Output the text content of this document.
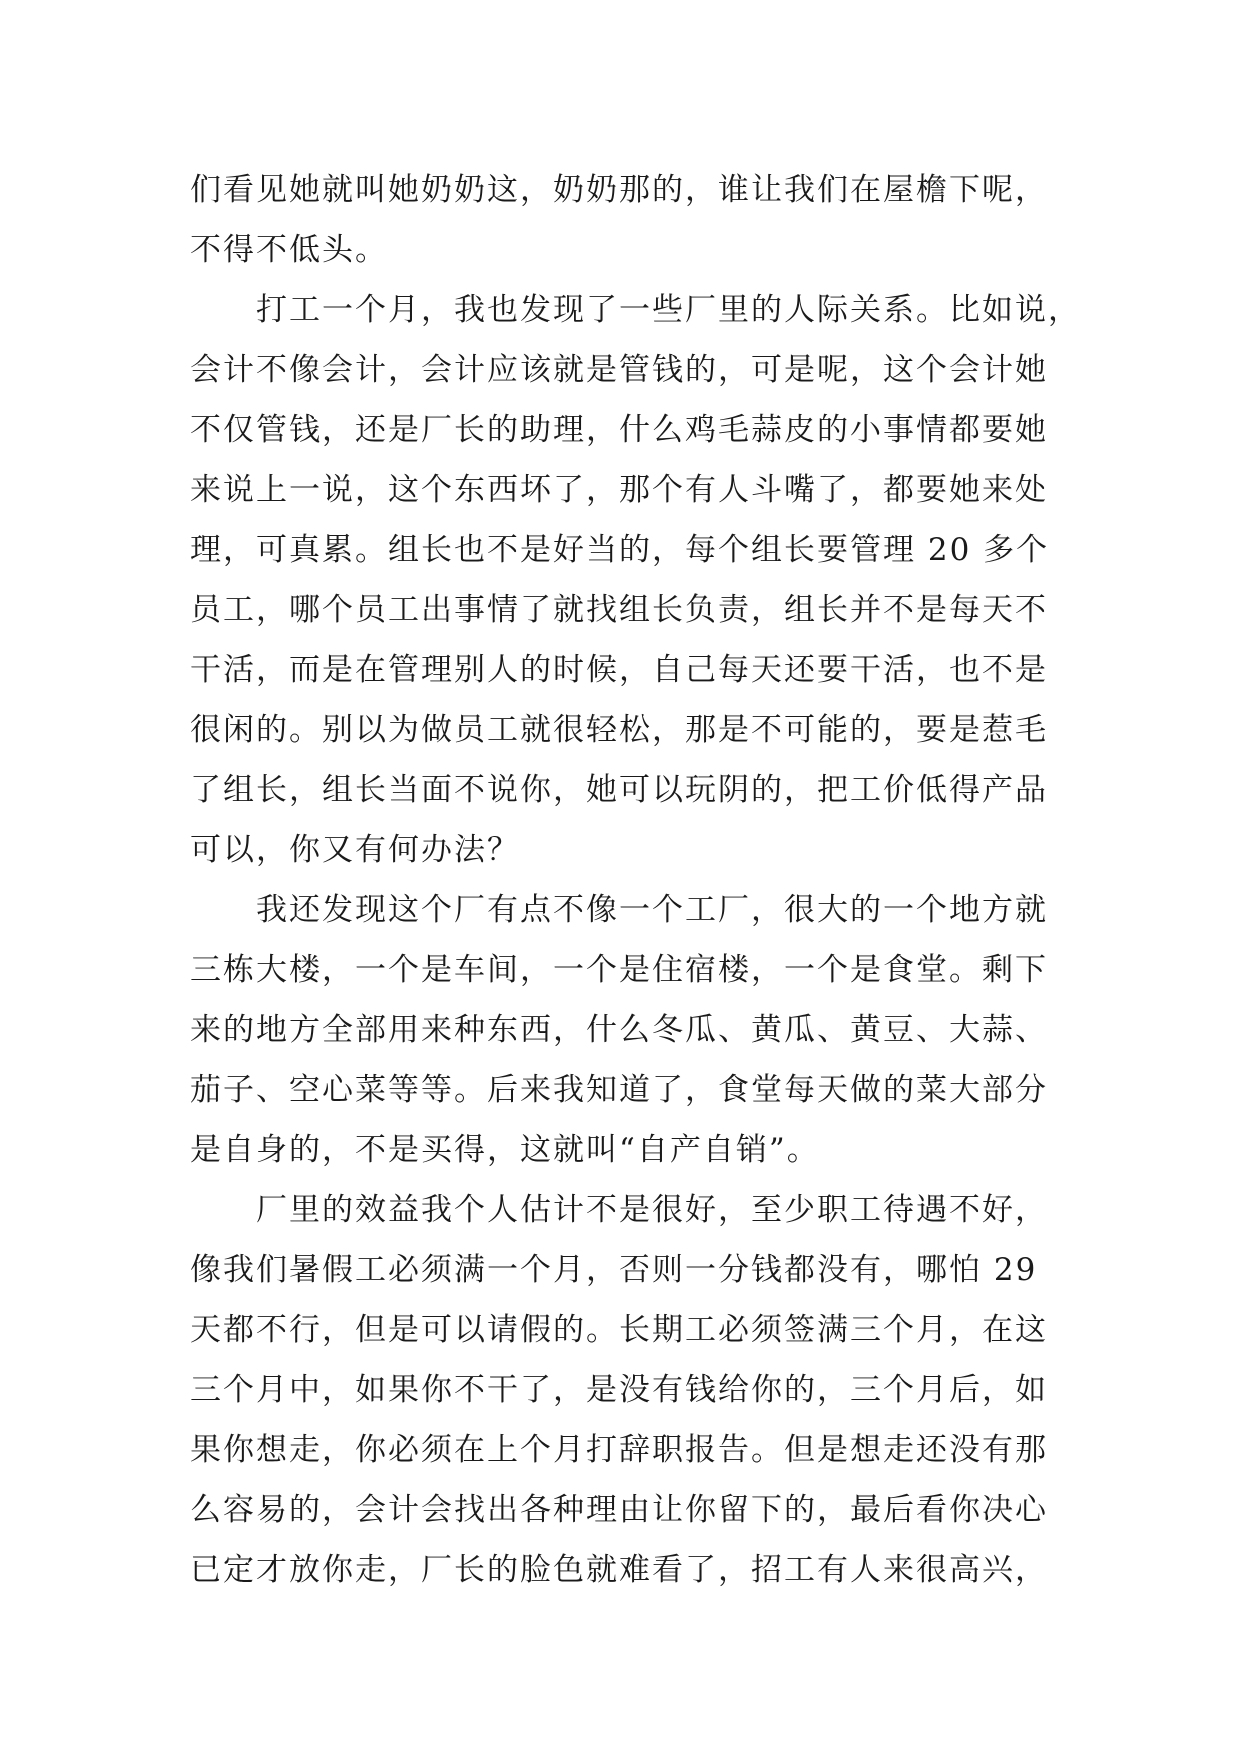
们看见她就叫她奶奶这，奶奶那的，谁让我们在屋檐下呢，
不得不低头。
打工一个月，我也发现了一些厂里的人际关系。比如说，
会计不像会计，会计应该就是管钱的，可是呢，这个会计她
不仅管钱，还是厂长的助理，什么鸡毛蒜皮的小事情都要她
来说上一说，这个东西坏了，那个有人斗嘴了，都要她来处
理，可真累。组长也不是好当的，每个组长要管理 20 多个
员工，哪个员工出事情了就找组长负责，组长并不是每天不
干活，而是在管理别人的时候，自己每天还要干活，也不是
很闲的。别以为做员工就很轻松，那是不可能的，要是惹毛
了组长，组长当面不说你，她可以玩阴的，把工价低得产品
可以，你又有何办法？
我还发现这个厂有点不像一个工厂，很大的一个地方就
三栋大楼，一个是车间，一个是住宿楼，一个是食堂。剩下
来的地方全部用来种东西，什么冬瓜、黄瓜、黄豆、大蒜、
茄子、空心菜等等。后来我知道了，食堂每天做的菜大部分
是自身的，不是买得，这就叫“自产自销”。
厂里的效益我个人估计不是很好，至少职工待遇不好，
像我们暑假工必须满一个月，否则一分钱都没有，哪怕 29
天都不行，但是可以请假的。长期工必须签满三个月，在这
三个月中，如果你不干了，是没有钱给你的，三个月后，如
果你想走，你必须在上个月打辞职报告。但是想走还没有那
么容易的，会计会找出各种理由让你留下的，最后看你决心
已定才放你走，厂长的脸色就难看了，招工有人来很高兴，
